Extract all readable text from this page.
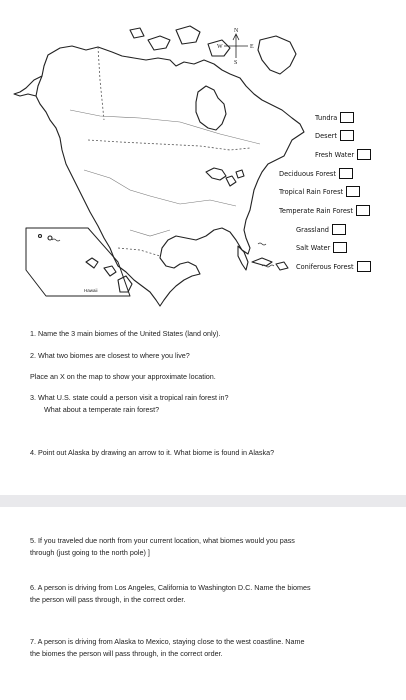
N
S
E
W
Hawaii
Tundra
Desert
Fresh Water
Deciduous Forest
Tropical Rain Forest
Temperate Rain Forest
Grassland
Salt Water
Coniferous Forest
1. Name the 3 main biomes of the United States (land only).
2. What two biomes are closest to where you live?
Place an X on the map to show your approximate location.
3. What U.S. state could a person visit a tropical rain forest in?
What about a temperate rain forest?
4. Point out Alaska by drawing an arrow to it. What biome is found in Alaska?
5. If you traveled due north from your current location, what biomes would you pass
through (just going to the north pole) ]
6. A person is driving from Los Angeles, California to Washington D.C. Name the biomes
the person will pass through, in the correct order.
7. A person is driving from Alaska to Mexico, staying close to the west coastline. Name
the biomes the person will pass through, in the correct order.
